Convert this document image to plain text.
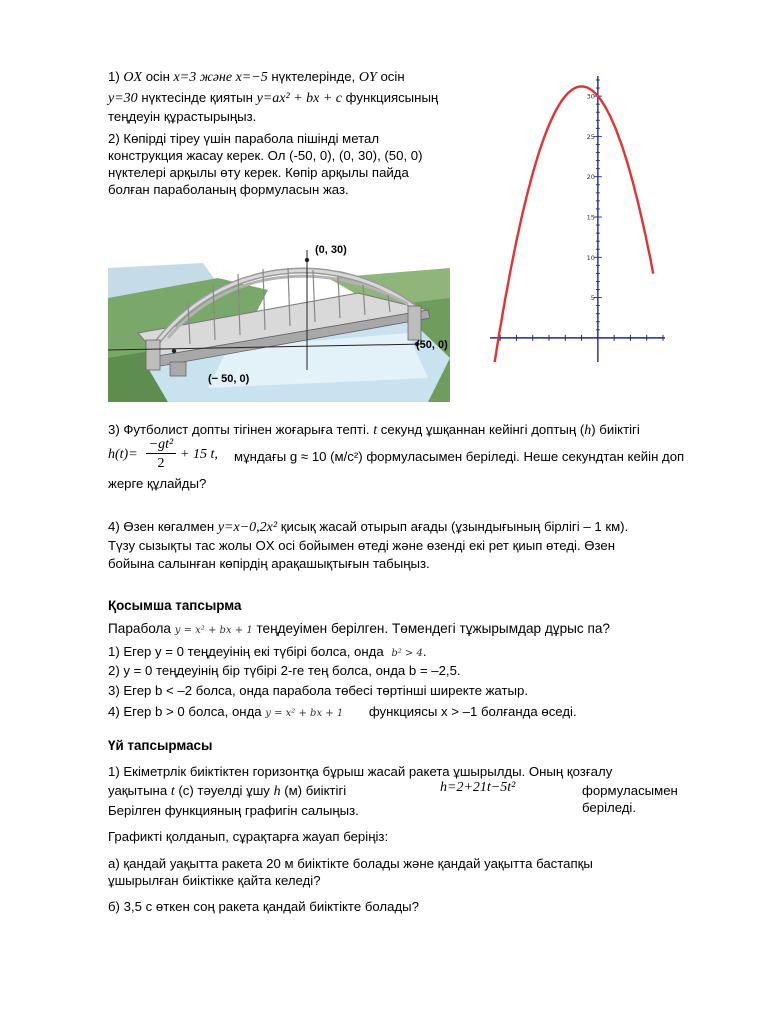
1) OX осін x=3 және x=−5 нүктелерінде, OY осін

y=30 нүктесінде қиятын y=ax² + bx + c функциясының

теңдеуін құрастырыңыз.

2) Көпірді тіреу үшін парабола пішінді метал

конструкция жасау керек. Ол (-50, 0), (0, 30), (50, 0)

нүктелері арқылы өту керек. Көпір арқылы пайда

болған параболаның формуласын жаз.

(0, 30)
(50, 0)
(− 50, 0)
5
10
15
20
25
30

3) Футболист допты тігінен жоғарыға тепті. t секунд ұшқаннан кейінгі доптың (h) биіктігі

h(t)=
−gt²
2
+ 15 t, мұндағы g ≈ 10 (м/с²) формуласымен беріледі. Неше секундтан кейін доп
жерге құлайды?

4) Өзен көгалмен y=x−0,2x² қисық жасай отырып ағады (ұзындығының бірлігі – 1 км).

Түзу сызықты тас жолы OX осі бойымен өтеді және өзенді екі рет қиып өтеді. Өзен

бойына салынған көпірдің арақашықтығын табыңыз.

Қосымша тапсырма

Парабола y = x² + bx + 1 теңдеуімен берілген. Төмендегі тұжырымдар дұрыс па?

1) Егер y = 0 теңдеуінің екі түбірі болса, онда b² > 4.

2) y = 0 теңдеуінің бір түбірі 2-ге тең болса, онда b = –2,5.

3) Егер b < –2 болса, онда парабола төбесі төртінші ширекте жатыр.

4) Егер b > 0 болса, онда y = x² + bx + 1 функциясы x > –1 болғанда өседі.

Үй тапсырмасы
1) Екіметрлік биіктіктен горизонтқа бұрыш жасай ракета ұшырылды. Оның қозғалу
уақытына t (с) тәуелді ұшу h (м) биіктігі	h=2+21t−5t²	формуласымен беріледі.
Берілген функцияның графигін салыңыз.
Графикті қолданып, сұрақтарға жауап беріңіз:
а) қандай уақытта ракета 20 м биіктікте болады және қандай уақытта бастапқы
ұшырылған биіктікке қайта келеді?
б) 3,5 с өткен соң ракета қандай биіктікте болады?
